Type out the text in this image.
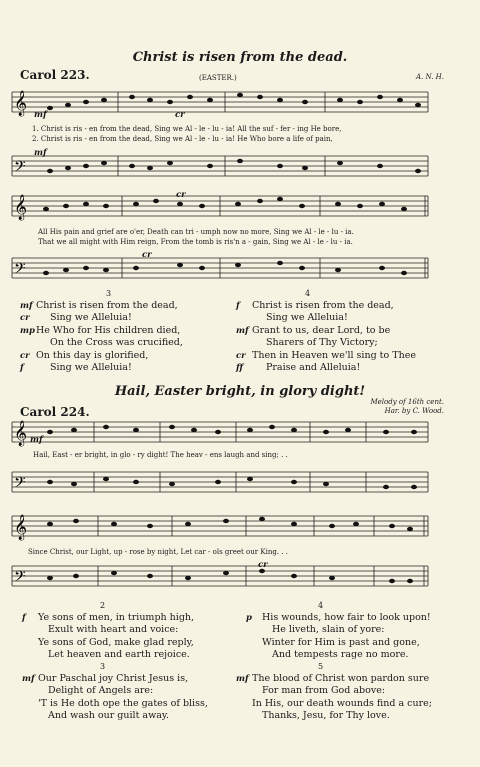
Christ is risen from the dead.
Carol 223.	(EASTER.)	A. N. H.
𝄞 mf	cr
1. Christ is ris - en from the dead, Sing we Al - le - lu - ia! All the suf - fer - ing He bore,
2. Christ is ris - en from the dead, Sing we Al - le - lu - ia! He Who bore a life of pain,
𝄢
mf
𝄞	cr
All His pain and grief are o'er, Death can tri - umph now no more, Sing we Al - le - lu - ia.
That we all might with Him reign, From the tomb is ris'n a - gain, Sing we Al - le - lu - ia.
𝄢
cr
3	4
mf Christ is risen from the dead,
cr Sing we Alleluia!
mpHe Who for His children died,
On the Cross was crucified,
cr On this day is glorified,
f	Sing we Alleluia!
f Christ is risen from the dead,
Sing we Alleluia!
mf Grant to us, dear Lord, to be
Sharers of Thy Victory;
cr Then in Heaven we'll sing to Thee
ff Praise and Alleluia!
Hail, Easter bright, in glory dight!
Melody of 16th cent.
Har. by C. Wood.
Carol 224.
𝄞 mf
Hail, East - er bright, in glo - ry dight! The heav - ens laugh and sing; . .
𝄢
𝄞
Since Christ, our Light, up - rose by night, Let car - ols greet our King. . .
𝄢
cr
2	4
f Ye sons of men, in triumph high,
Exult with heart and voice:
Ye sons of God, make glad reply,
Let heaven and earth rejoice.
p His wounds, how fair to look upon!
He liveth, slain of yore:
Winter for Him is past and gone,
And tempests rage no more.
3	5
mf Our Paschal joy Christ Jesus is,
Delight of Angels are:
'T is He doth ope the gates of bliss,
And wash our guilt away.
mf The blood of Christ won pardon sure
For man from God above:
In His, our death wounds find a cure;
Thanks, Jesu, for Thy love.
